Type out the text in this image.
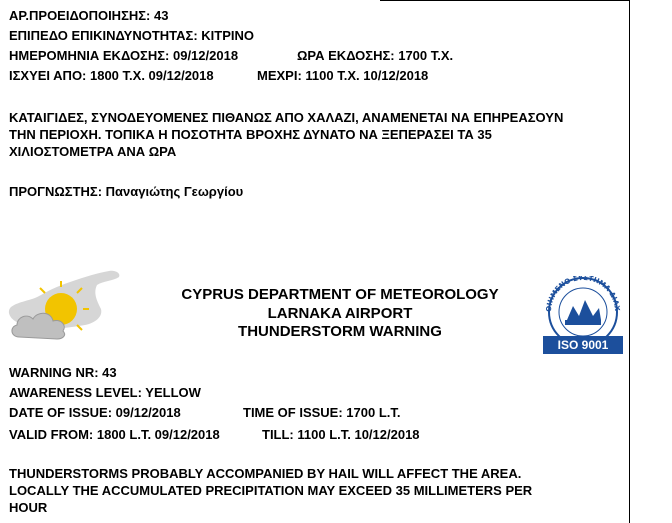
ΑΡ.ΠΡΟΕΙΔΟΠΟΙΗΣΗΣ: 43
ΕΠΙΠΕΔΟ ΕΠΙΚΙΝΔΥΝΟΤΗΤΑΣ: ΚΙΤΡΙΝΟ
ΗΜΕΡΟΜΗΝΙΑ ΕΚΔΟΣΗΣ: 09/12/2018	ΩΡΑ ΕΚΔΟΣΗΣ: 1700 Τ.Χ.
ΙΣΧΥΕΙ ΑΠΟ: 1800 Τ.Χ. 09/12/2018	ΜΕΧΡΙ: 1100 Τ.Χ. 10/12/2018
ΚΑΤΑΙΓΙΔΕΣ, ΣΥΝΟΔΕΥΟΜΕΝΕΣ ΠΙΘΑΝΩΣ ΑΠΟ ΧΑΛΑΖΙ, ΑΝΑΜΕΝΕΤΑΙ ΝΑ ΕΠΗΡΕΑΣΟΥΝ
ΤΗΝ ΠΕΡΙΟΧΗ. ΤΟΠΙΚΑ Η ΠΟΣΟΤΗΤΑ ΒΡΟΧΗΣ ΔΥΝΑΤΟ ΝΑ ΞΕΠΕΡΑΣΕΙ ΤΑ 35
ΧΙΛΙΟΣΤΟΜΕΤΡΑ ΑΝΑ ΩΡΑ
ΠΡΟΓΝΩΣΤΗΣ: Παναγιώτης Γεωργίου
CYPRUS DEPARTMENT OF METEOROLOGY
LARNAKA AIRPORT
THUNDERSTORM WARNING
ΟΙΗΜΕΝΟ ΣΥΣΤΗΜΑ ΔΙΑΧ
ISO 9001
WARNING NR: 43
AWARENESS LEVEL: YELLOW
DATE OF ISSUE: 09/12/2018	TIME OF ISSUE: 1700 L.T.
VALID FROM: 1800 L.T. 09/12/2018	TILL: 1100 L.T. 10/12/2018
THUNDERSTORMS PROBABLY ACCOMPANIED BY HAIL WILL AFFECT THE AREA.
LOCALLY THE ACCUMULATED PRECIPITATION MAY EXCEED 35 MILLIMETERS PER
HOUR
